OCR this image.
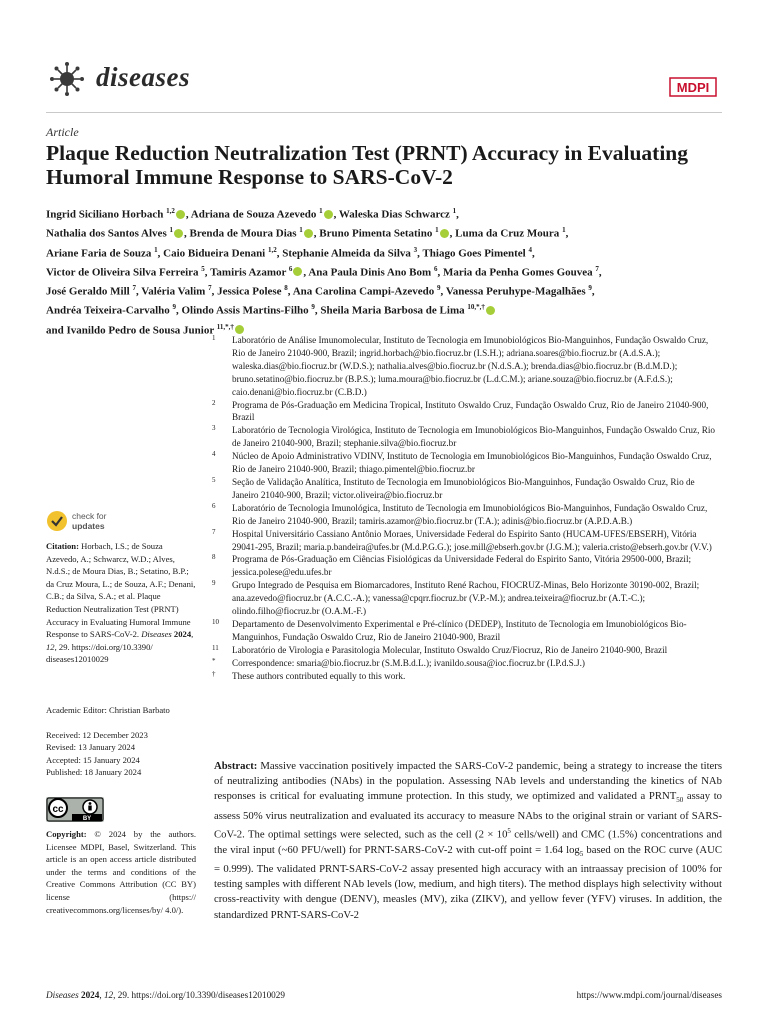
diseases	MDPI
Article
Plaque Reduction Neutralization Test (PRNT) Accuracy in Evaluating Humoral Immune Response to SARS-CoV-2
Ingrid Siciliano Horbach $^{1,2}$ , Adriana de Souza Azevedo $^1$ , Waleska Dias Schwarcz $^1$,
Nathalia dos Santos Alves $^1$ , Brenda de Moura Dias $^1$ , Bruno Pimenta Setatino $^1$ , Luma da Cruz Moura $^1$,
Ariane Faria de Souza $^1$, Caio Bidueira Denani $^{1,2}$, Stephanie Almeida da Silva $^3$, Thiago Goes Pimentel $^4$,
Victor de Oliveira Silva Ferreira $^5$, Tamiris Azamor $^6$ , Ana Paula Dinis Ano Bom $^6$, Maria da Penha Gomes Gouvea $^7$,
José Geraldo Mill $^7$, Valéria Valim $^7$, Jessica Polese $^8$, Ana Carolina Campi-Azevedo $^9$, Vanessa Peruhype-Magalhães $^9$,
Andréa Teixeira-Carvalho $^9$, Olindo Assis Martins-Filho $^9$, Sheila Maria Barbosa de Lima $^{10,*,\dagger}$
and Ivanildo Pedro de Sousa Junior $^{11,*,\dagger}$
1 Laboratório de Análise Imunomolecular, Instituto de Tecnologia em Imunobiológicos Bio-Manguinhos, Fundação Oswaldo Cruz, Rio de Janeiro 21040-900, Brazil; ingrid.horbach@bio.fiocruz.br (I.S.H.); adriana.soares@bio.fiocruz.br (A.d.S.A.); waleska.dias@bio.fiocruz.br (W.D.S.); nathalia.alves@bio.fiocruz.br (N.d.S.A.); brenda.dias@bio.fiocruz.br (B.d.M.D.); bruno.setatino@bio.fiocruz.br (B.P.S.); luma.moura@bio.fiocruz.br (L.d.C.M.); ariane.souza@bio.fiocruz.br (A.F.d.S.); caio.denani@bio.fiocruz.br (C.B.D.)
2 Programa de Pós-Graduação em Medicina Tropical, Instituto Oswaldo Cruz, Fundação Oswaldo Cruz, Rio de Janeiro 21040-900, Brazil
3 Laboratório de Tecnologia Virológica, Instituto de Tecnologia em Imunobiológicos Bio-Manguinhos, Fundação Oswaldo Cruz, Rio de Janeiro 21040-900, Brazil; stephanie.silva@bio.fiocruz.br
4 Núcleo de Apoio Administrativo VDINV, Instituto de Tecnologia em Imunobiológicos Bio-Manguinhos, Fundação Oswaldo Cruz, Rio de Janeiro 21040-900, Brazil; thiago.pimentel@bio.fiocruz.br
5 Seção de Validação Analítica, Instituto de Tecnologia em Imunobiológicos Bio-Manguinhos, Fundação Oswaldo Cruz, Rio de Janeiro 21040-900, Brazil; victor.oliveira@bio.fiocruz.br
6 Laboratório de Tecnologia Imunológica, Instituto de Tecnologia em Imunobiológicos Bio-Manguinhos, Fundação Oswaldo Cruz, Rio de Janeiro 21040-900, Brazil; tamiris.azamor@bio.fiocruz.br (T.A.); adinis@bio.fiocruz.br (A.P.D.A.B.)
7 Hospital Universitário Cassiano Antônio Moraes, Universidade Federal do Espirito Santo (HUCAM-UFES/EBSERH), Vitória 29041-295, Brazil; maria.p.bandeira@ufes.br (M.d.P.G.G.); jose.mill@ebserh.gov.br (J.G.M.); valeria.cristo@ebserh.gov.br (V.V.)
8 Programa de Pós-Graduação em Ciências Fisiológicas da Universidade Federal do Espirito Santo, Vitória 29500-000, Brazil; jessica.polese@edu.ufes.br
9 Grupo Integrado de Pesquisa em Biomarcadores, Instituto René Rachou, FIOCRUZ-Minas, Belo Horizonte 30190-002, Brazil; ana.azevedo@fiocruz.br (A.C.C.-A.); vanessa@cpqrr.fiocruz.br (V.P.-M.); andrea.teixeira@fiocruz.br (A.T.-C.); olindo.filho@fiocruz.br (O.A.M.-F.)
10 Departamento de Desenvolvimento Experimental e Pré-clínico (DEDEP), Instituto de Tecnologia em Imunobiológicos Bio-Manguinhos, Fundação Oswaldo Cruz, Rio de Janeiro 21040-900, Brazil
11 Laboratório de Virologia e Parasitologia Molecular, Instituto Oswaldo Cruz/Fiocruz, Rio de Janeiro 21040-900, Brazil
* Correspondence: smaria@bio.fiocruz.br (S.M.B.d.L.); ivanildo.sousa@ioc.fiocruz.br (I.P.d.S.J.)
† These authors contributed equally to this work.
check for
updates
Citation: Horbach, I.S.; de Souza Azevedo, A.; Schwarcz, W.D.; Alves, N.d.S.; de Moura Dias, B.; Setatino, B.P.; da Cruz Moura, L.; de Souza, A.F.; Denani, C.B.; da Silva, S.A.; et al. Plaque Reduction Neutralization Test (PRNT) Accuracy in Evaluating Humoral Immune Response to SARS-CoV-2. Diseases 2024, 12, 29. https://doi.org/10.3390/ diseases12010029
Academic Editor: Christian Barbato
Received: 12 December 2023
Revised: 13 January 2024
Accepted: 15 January 2024
Published: 18 January 2024
cc
BY
Copyright: © 2024 by the authors. Licensee MDPI, Basel, Switzerland. This article is an open access article distributed under the terms and conditions of the Creative Commons Attribution (CC BY) license (https:// creativecommons.org/licenses/by/ 4.0/).
Abstract: Massive vaccination positively impacted the SARS-CoV-2 pandemic, being a strategy to increase the titers of neutralizing antibodies (NAbs) in the population. Assessing NAb levels and understanding the kinetics of NAb responses is critical for evaluating immune protection. In this study, we optimized and validated a $PRNT_{50}$ assay to assess 50% virus neutralization and evaluated its accuracy to measure NAbs to the original strain or variant of SARS-CoV-2. The optimal settings were selected, such as the cell ($2 \times 10^5$ cells/well) and CMC (1.5%) concentrations and the viral input (~60 PFU/well) for PRNT-SARS-CoV-2 with cut-off point = 1.64 $\log_5$ based on the ROC curve (AUC = 0.999). The validated PRNT-SARS-CoV-2 assay presented high accuracy with an intraassay precision of 100% for testing samples with different NAb levels (low, medium, and high titers). The method displays high selectivity without cross-reactivity with dengue (DENV), measles (MV), zika (ZIKV), and yellow fever (YFV) viruses. In addition, the standardized PRNT-SARS-CoV-2
Diseases 2024, 12, 29. https://doi.org/10.3390/diseases12010029	https://www.mdpi.com/journal/diseases
